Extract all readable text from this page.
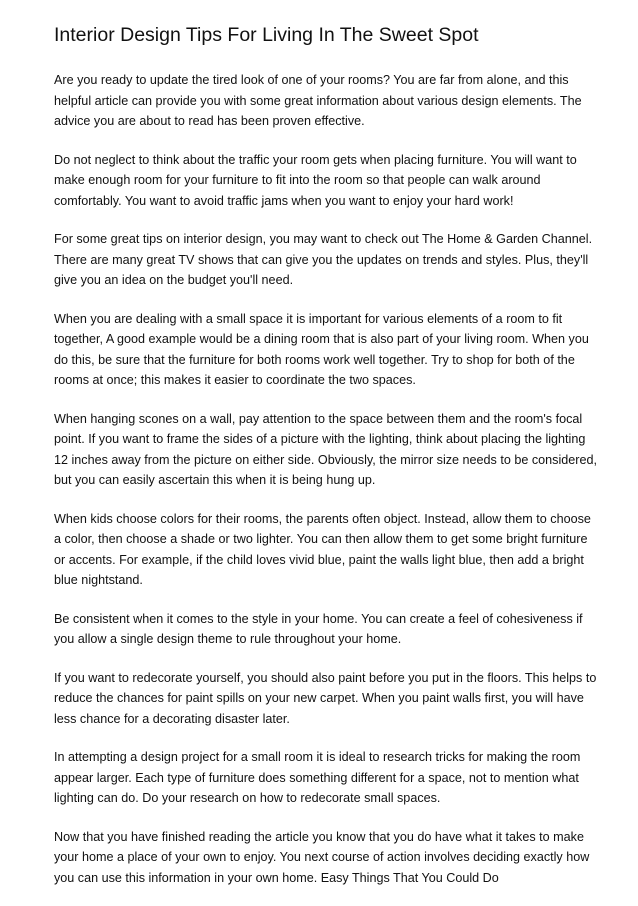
Interior Design Tips For Living In The Sweet Spot

Are you ready to update the tired look of one of your rooms? You are far from alone, and this helpful article can provide you with some great information about various design elements. The advice you are about to read has been proven effective.

Do not neglect to think about the traffic your room gets when placing furniture. You will want to make enough room for your furniture to fit into the room so that people can walk around comfortably. You want to avoid traffic jams when you want to enjoy your hard work!

For some great tips on interior design, you may want to check out The Home & Garden Channel. There are many great TV shows that can give you the updates on trends and styles. Plus, they'll give you an idea on the budget you'll need.

When you are dealing with a small space it is important for various elements of a room to fit together, A good example would be a dining room that is also part of your living room. When you do this, be sure that the furniture for both rooms work well together. Try to shop for both of the rooms at once; this makes it easier to coordinate the two spaces.

When hanging scones on a wall, pay attention to the space between them and the room's focal point. If you want to frame the sides of a picture with the lighting, think about placing the lighting 12 inches away from the picture on either side. Obviously, the mirror size needs to be considered, but you can easily ascertain this when it is being hung up.

When kids choose colors for their rooms, the parents often object. Instead, allow them to choose a color, then choose a shade or two lighter. You can then allow them to get some bright furniture or accents. For example, if the child loves vivid blue, paint the walls light blue, then add a bright blue nightstand.

Be consistent when it comes to the style in your home. You can create a feel of cohesiveness if you allow a single design theme to rule throughout your home.

If you want to redecorate yourself, you should also paint before you put in the floors. This helps to reduce the chances for paint spills on your new carpet. When you paint walls first, you will have less chance for a decorating disaster later.

In attempting a design project for a small room it is ideal to research tricks for making the room appear larger. Each type of furniture does something different for a space, not to mention what lighting can do. Do your research on how to redecorate small spaces.

Now that you have finished reading the article you know that you do have what it takes to make your home a place of your own to enjoy. You next course of action involves deciding exactly how you can use this information in your own home. Easy Things That You Could Do
